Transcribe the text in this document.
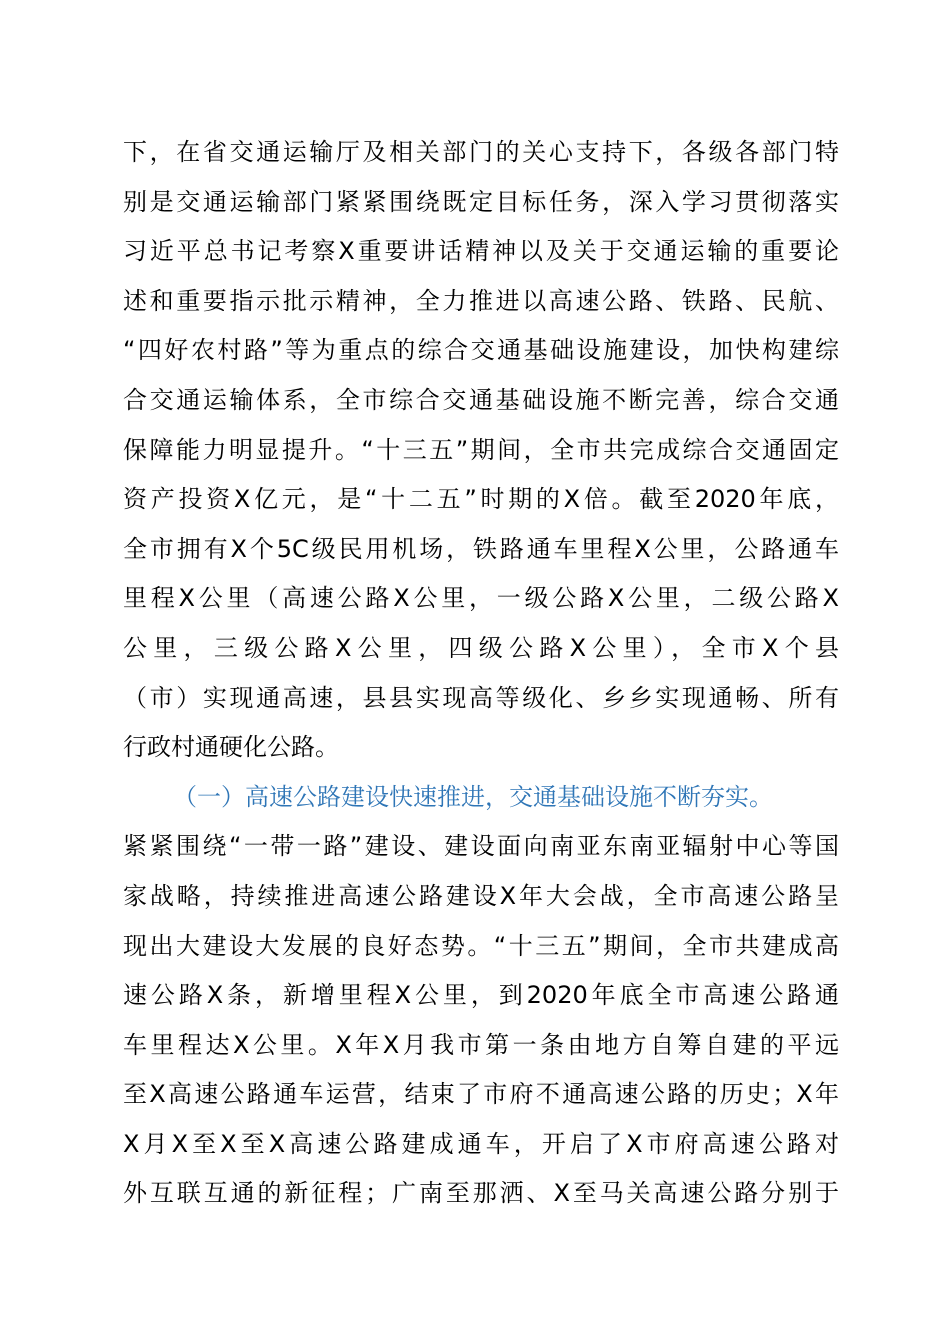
下，在省交通运输厅及相关部门的关心支持下，各级各部门特
别是交通运输部门紧紧围绕既定目标任务，深入学习贯彻落实
习近平总书记考察X重要讲话精神以及关于交通运输的重要论
述和重要指示批示精神，全力推进以高速公路、铁路、民航、
“四好农村路”等为重点的综合交通基础设施建设，加快构建综
合交通运输体系，全市综合交通基础设施不断完善，综合交通
保障能力明显提升。“十三五”期间，全市共完成综合交通固定
资产投资X亿元，是“十二五”时期的X倍。截至2020年底，
全市拥有X个5C级民用机场，铁路通车里程X公里，公路通车
里程X公里（高速公路X公里，一级公路X公里，二级公路X
公里，三级公路X公里，四级公路X公里），全市X个县
（市）实现通高速，县县实现高等级化、乡乡实现通畅、所有
行政村通硬化公路。
（一）高速公路建设快速推进，交通基础设施不断夯实。
紧紧围绕“一带一路”建设、建设面向南亚东南亚辐射中心等国
家战略，持续推进高速公路建设X年大会战，全市高速公路呈
现出大建设大发展的良好态势。“十三五”期间，全市共建成高
速公路X条，新增里程X公里，到2020年底全市高速公路通
车里程达X公里。X年X月我市第一条由地方自筹自建的平远
至X高速公路通车运营，结束了市府不通高速公路的历史；X年
X月X至X至X高速公路建成通车，开启了X市府高速公路对
外互联互通的新征程；广南至那洒、X至马关高速公路分别于
